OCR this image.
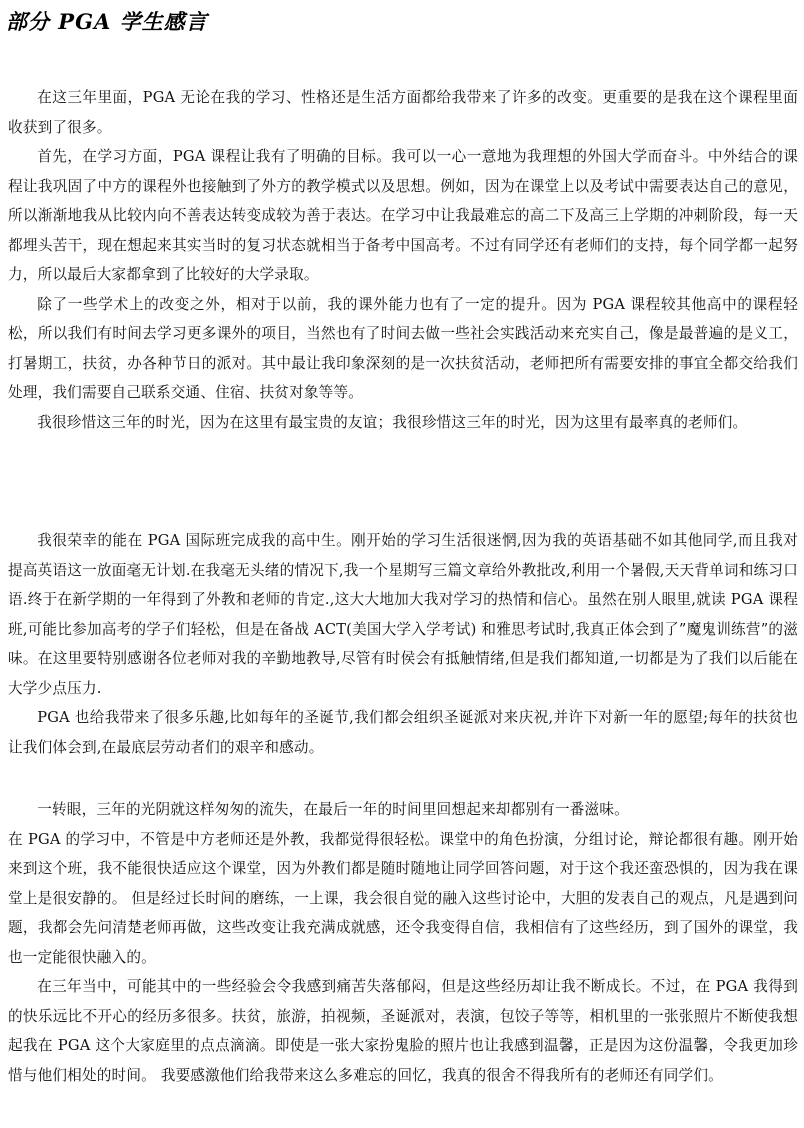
部分 PGA 学生感言

在这三年里面，PGA 无论在我的学习、性格还是生活方面都给我带来了许多的改变。更重要的是我在这个课程里面收获到了很多。

首先，在学习方面，PGA 课程让我有了明确的目标。我可以一心一意地为我理想的外国大学而奋斗。中外结合的课程让我巩固了中方的课程外也接触到了外方的教学模式以及思想。例如，因为在课堂上以及考试中需要表达自己的意见，所以渐渐地我从比较内向不善表达转变成较为善于表达。在学习中让我最难忘的高二下及高三上学期的冲刺阶段，每一天都埋头苦干，现在想起来其实当时的复习状态就相当于备考中国高考。不过有同学还有老师们的支持，每个同学都一起努力，所以最后大家都拿到了比较好的大学录取。

除了一些学术上的改变之外，相对于以前，我的课外能力也有了一定的提升。因为 PGA 课程较其他高中的课程轻松，所以我们有时间去学习更多课外的项目，当然也有了时间去做一些社会实践活动来充实自己，像是最普遍的是义工，打暑期工，扶贫，办各种节日的派对。其中最让我印象深刻的是一次扶贫活动，老师把所有需要安排的事宜全都交给我们处理，我们需要自己联系交通、住宿、扶贫对象等等。

我很珍惜这三年的时光，因为在这里有最宝贵的友谊；我很珍惜这三年的时光，因为这里有最率真的老师们。

我很荣幸的能在 PGA 国际班完成我的高中生。刚开始的学习生活很迷惘,因为我的英语基础不如其他同学,而且我对提高英语这一放面毫无计划.在我毫无头绪的情况下,我一个星期写三篇文章给外教批改,利用一个暑假,天天背单词和练习口语.终于在新学期的一年得到了外教和老师的肯定.,这大大地加大我对学习的热情和信心。虽然在别人眼里,就读 PGA 课程班,可能比参加高考的学子们轻松，但是在备战 ACT(美国大学入学考试) 和雅思考试时,我真正体会到了”魔鬼训练营”的滋味。在这里要特别感谢各位老师对我的辛勤地教导,尽管有时侯会有抵触情绪,但是我们都知道,一切都是为了我们以后能在大学少点压力.

PGA 也给我带来了很多乐趣,比如每年的圣诞节,我们都会组织圣诞派对来庆祝,并许下对新一年的愿望;每年的扶贫也让我们体会到,在最底层劳动者们的艰辛和感动。

一转眼，三年的光阴就这样匆匆的流失，在最后一年的时间里回想起来却都别有一番滋味。

在 PGA 的学习中，不管是中方老师还是外教，我都觉得很轻松。课堂中的角色扮演，分组讨论，辩论都很有趣。刚开始来到这个班，我不能很快适应这个课堂，因为外教们都是随时随地让同学回答问题，对于这个我还蛮恐惧的，因为我在课堂上是很安静的。 但是经过长时间的磨练，一上课，我会很自觉的融入这些讨论中，大胆的发表自己的观点，凡是遇到问题，我都会先问清楚老师再做，这些改变让我充满成就感，还令我变得自信，我相信有了这些经历，到了国外的课堂，我也一定能很快融入的。

在三年当中，可能其中的一些经验会令我感到痛苦失落郁闷，但是这些经历却让我不断成长。不过，在 PGA 我得到的快乐远比不开心的经历多很多。扶贫，旅游，拍视频，圣诞派对，表演，包饺子等等，相机里的一张张照片不断使我想起我在 PGA 这个大家庭里的点点滴滴。即使是一张大家扮鬼脸的照片也让我感到温馨，正是因为这份温馨，令我更加珍惜与他们相处的时间。 我要感激他们给我带来这么多难忘的回忆，我真的很舍不得我所有的老师还有同学们。
